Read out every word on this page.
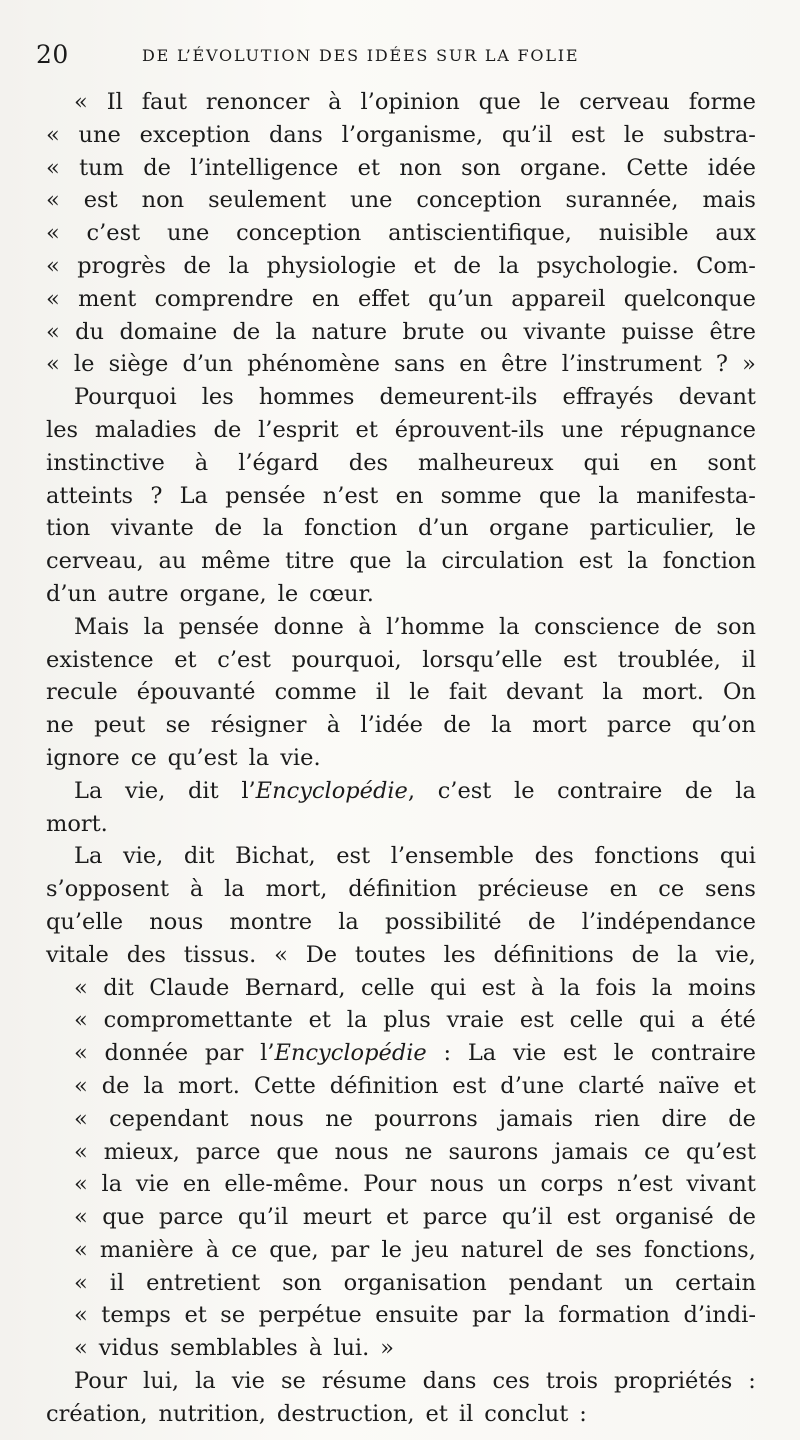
20	DE L’ÉVOLUTION DES IDÉES SUR LA FOLIE
« Il faut renoncer à l’opinion que le cerveau forme
« une exception dans l’organisme, qu’il est le substra-
« tum de l’intelligence et non son organe. Cette idée
« est non seulement une conception surannée, mais
« c’est une conception antiscientifique, nuisible aux
« progrès de la physiologie et de la psychologie. Com-
« ment comprendre en effet qu’un appareil quelconque
« du domaine de la nature brute ou vivante puisse être
« le siège d’un phénomène sans en être l’instrument ? »
Pourquoi les hommes demeurent-ils effrayés devant
les maladies de l’esprit et éprouvent-ils une répugnance
instinctive à l’égard des malheureux qui en sont
atteints ? La pensée n’est en somme que la manifesta-
tion vivante de la fonction d’un organe particulier, le
cerveau, au même titre que la circulation est la fonction
d’un autre organe, le cœur.
Mais la pensée donne à l’homme la conscience de son
existence et c’est pourquoi, lorsqu’elle est troublée, il
recule épouvanté comme il le fait devant la mort. On
ne peut se résigner à l’idée de la mort parce qu’on
ignore ce qu’est la vie.
La vie, dit l’Encyclopédie, c’est le contraire de la
mort.
La vie, dit Bichat, est l’ensemble des fonctions qui
s’opposent à la mort, définition précieuse en ce sens
qu’elle nous montre la possibilité de l’indépendance
vitale des tissus. « De toutes les définitions de la vie,
« dit Claude Bernard, celle qui est à la fois la moins
« compromettante et la plus vraie est celle qui a été
« donnée par l’Encyclopédie : La vie est le contraire
« de la mort. Cette définition est d’une clarté naïve et
« cependant nous ne pourrons jamais rien dire de
« mieux, parce que nous ne saurons jamais ce qu’est
« la vie en elle-même. Pour nous un corps n’est vivant
« que parce qu’il meurt et parce qu’il est organisé de
« manière à ce que, par le jeu naturel de ses fonctions,
« il entretient son organisation pendant un certain
« temps et se perpétue ensuite par la formation d’indi-
« vidus semblables à lui. »
Pour lui, la vie se résume dans ces trois propriétés :
création, nutrition, destruction, et il conclut :
